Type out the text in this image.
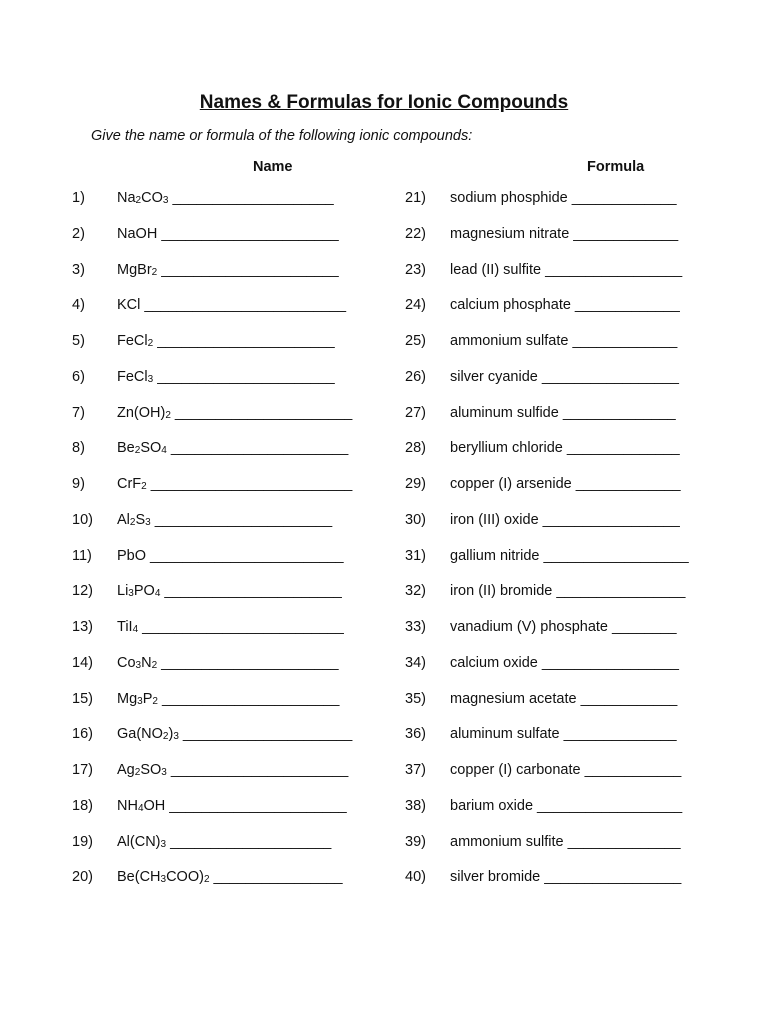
Names & Formulas for Ionic Compounds
Give the name or formula of the following ionic compounds:
Name	Formula
1) $Na_2CO_3$ ____________________
2) NaOH ______________________
3) MgBr$_2$ ______________________
4) KCl _________________________
5) FeCl$_2$ ______________________
6) FeCl$_3$ ______________________
7) $Zn(OH)_2$ ______________________
8) $Be_2SO_4$ ______________________
9) CrF$_2$ _________________________
10) $Al_2S_3$ ______________________
11) PbO ________________________
12) $Li_3PO_4$ ______________________
13) TiI$_4$ _________________________
14) $Co_3N_2$ ______________________
15) $Mg_3P_2$ ______________________
16) $Ga(NO_2)_3$ _____________________
17) $Ag_2SO_3$ ______________________
18) $NH_4OH$ ______________________
19) $Al(CN)_3$ ____________________
20) $Be(CH_3COO)_2$ ________________
21) sodium phosphide _____________
22) magnesium nitrate _____________
23) lead (II) sulfite _________________
24) calcium phosphate _____________
25) ammonium sulfate _____________
26) silver cyanide _________________
27) aluminum sulfide ______________
28) beryllium chloride ______________
29) copper (I) arsenide _____________
30) iron (III) oxide _________________
31) gallium nitride __________________
32) iron (II) bromide ________________
33) vanadium (V) phosphate ________
34) calcium oxide _________________
35) magnesium acetate ____________
36) aluminum sulfate ______________
37) copper (I) carbonate ____________
38) barium oxide __________________
39) ammonium sulfite ______________
40) silver bromide _________________
